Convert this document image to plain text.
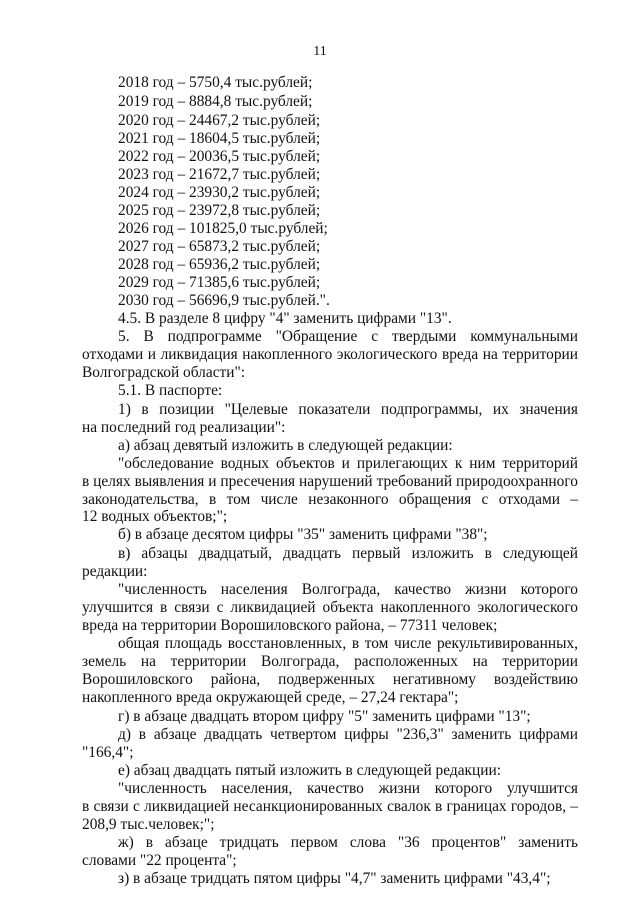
11

2018 год – 5750,4 тыс.рублей;

2019 год – 8884,8 тыс.рублей;

2020 год – 24467,2 тыс.рублей;

2021 год – 18604,5 тыс.рублей;

2022 год – 20036,5 тыс.рублей;

2023 год – 21672,7 тыс.рублей;

2024 год – 23930,2 тыс.рублей;

2025 год – 23972,8 тыс.рублей;

2026 год – 101825,0 тыс.рублей;

2027 год – 65873,2 тыс.рублей;

2028 год – 65936,2 тыс.рублей;

2029 год – 71385,6 тыс.рублей;

2030 год – 56696,9 тыс.рублей.".

4.5. В разделе 8 цифру "4" заменить цифрами "13".

5. В подпрограмме "Обращение с твердыми коммунальными

отходами и ликвидация накопленного экологического вреда на территории

Волгоградской области":

5.1. В паспорте:

1) в позиции "Целевые показатели подпрограммы, их значения

на последний год реализации":

а) абзац девятый изложить в следующей редакции:

"обследование водных объектов и прилегающих к ним территорий

в целях выявления и пресечения нарушений требований природоохранного

законодательства, в том числе незаконного обращения с отходами –

12 водных объектов;";

б) в абзаце десятом цифры "35" заменить цифрами "38";

в) абзацы двадцатый, двадцать первый изложить в следующей

редакции:

"численность населения Волгограда, качество жизни которого

улучшится в связи с ликвидацией объекта накопленного экологического

вреда на территории Ворошиловского района, – 77311 человек;

общая площадь восстановленных, в том числе рекультивированных,

земель на территории Волгограда, расположенных на территории

Ворошиловского района, подверженных негативному воздействию

накопленного вреда окружающей среде, – 27,24 гектара";

г) в абзаце двадцать втором цифру "5" заменить цифрами "13";

д) в абзаце двадцать четвертом цифры "236,3" заменить цифрами

"166,4";

е) абзац двадцать пятый изложить в следующей редакции:

"численность населения, качество жизни которого улучшится

в связи с ликвидацией несанкционированных свалок в границах городов, –

208,9 тыс.человек;";

ж) в абзаце тридцать первом слова "36 процентов" заменить

словами "22 процента";

з) в абзаце тридцать пятом цифры "4,7" заменить цифрами "43,4";
